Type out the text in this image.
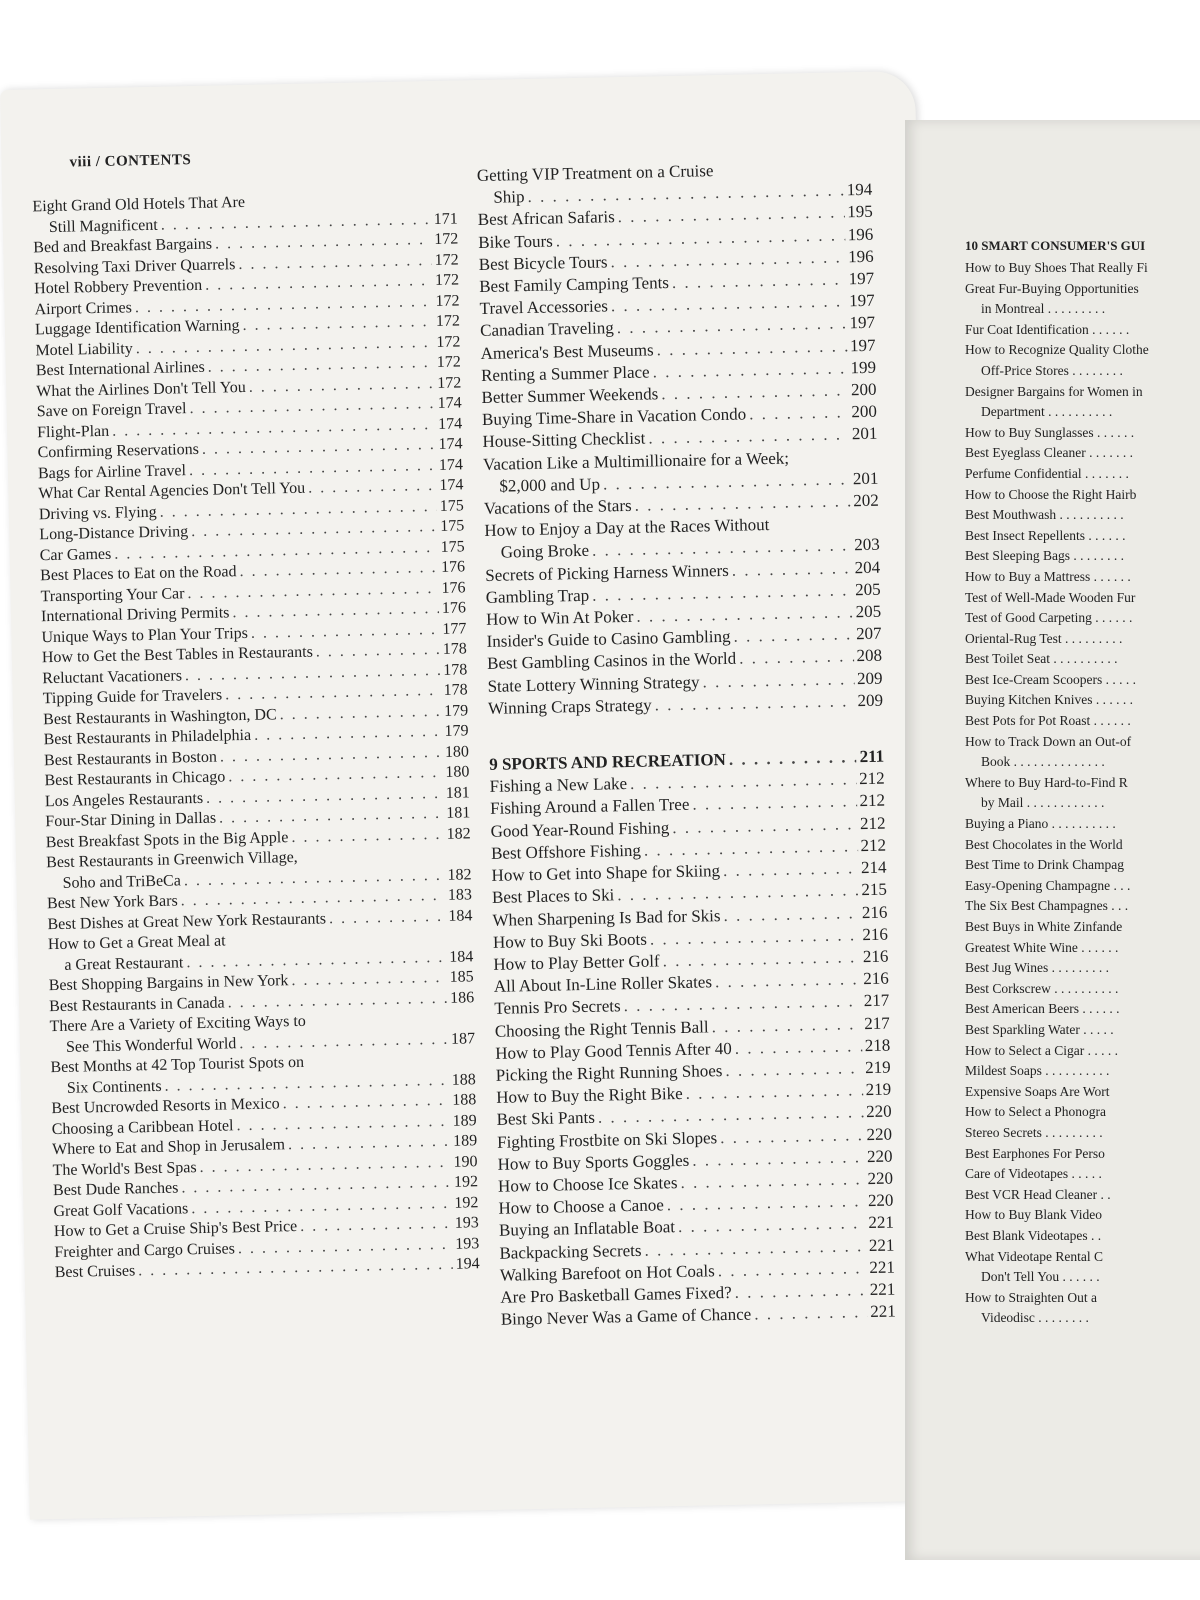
viii / CONTENTS
Eight Grand Old Hotels That Are
Still Magnificent . . .	171
Bed and Breakfast Bargains . . .	172
Resolving Taxi Driver Quarrels . . .	172
Hotel Robbery Prevention . . .	172
Airport Crimes . . .	172
Luggage Identification Warning . . .	172
Motel Liability . . .	172
Best International Airlines . . .	172
What the Airlines Don't Tell You . . .	172
Save on Foreign Travel . . .	174
Flight-Plan . . .	174
Confirming Reservations . . .	174
Bags for Airline Travel . . .	174
What Car Rental Agencies Don't Tell You . . .	174
Driving vs. Flying . . .	175
Long-Distance Driving . . .	175
Car Games . . .	175
Best Places to Eat on the Road . . .	176
Transporting Your Car . . .	176
International Driving Permits . . .	176
Unique Ways to Plan Your Trips . . .	177
How to Get the Best Tables in Restaurants . . .	178
Reluctant Vacationers . . .	178
Tipping Guide for Travelers . . .	178
Best Restaurants in Washington, DC . . .	179
Best Restaurants in Philadelphia . . .	179
Best Restaurants in Boston . . .	180
Best Restaurants in Chicago . . .	180
Los Angeles Restaurants . . .	181
Four-Star Dining in Dallas . . .	181
Best Breakfast Spots in the Big Apple . . .	182
Best Restaurants in Greenwich Village,
Soho and TriBeCa . . .	182
Best New York Bars . . .	183
Best Dishes at Great New York Restaurants . . .	184
How to Get a Great Meal at
a Great Restaurant . . .	184
Best Shopping Bargains in New York . . .	185
Best Restaurants in Canada . . .	186
There Are a Variety of Exciting Ways to
See This Wonderful World . . .	187
Best Months at 42 Top Tourist Spots on
Six Continents . . .	188
Best Uncrowded Resorts in Mexico . . .	188
Choosing a Caribbean Hotel . . .	189
Where to Eat and Shop in Jerusalem . . .	189
The World's Best Spas . . .	190
Best Dude Ranches . . .	192
Great Golf Vacations . . .	192
How to Get a Cruise Ship's Best Price . . .	193
Freighter and Cargo Cruises . . .	193
Best Cruises . . .	194
Getting VIP Treatment on a Cruise
Ship . . .	194
Best African Safaris . . .	195
Bike Tours . . .	196
Best Bicycle Tours . . .	196
Best Family Camping Tents . . .	197
Travel Accessories . . .	197
Canadian Traveling . . .	197
America's Best Museums . . .	197
Renting a Summer Place . . .	199
Better Summer Weekends . . .	200
Buying Time-Share in Vacation Condo . . .	200
House-Sitting Checklist . . .	201
Vacation Like a Multimillionaire for a Week;
$2,000 and Up . . .	201
Vacations of the Stars . . .	202
How to Enjoy a Day at the Races Without
Going Broke . . .	203
Secrets of Picking Harness Winners . . .	204
Gambling Trap . . .	205
How to Win At Poker . . .	205
Insider's Guide to Casino Gambling . . .	207
Best Gambling Casinos in the World . . .	208
State Lottery Winning Strategy . . .	209
Winning Craps Strategy . . .	209
9 SPORTS AND RECREATION . . .	211
Fishing a New Lake . . .	212
Fishing Around a Fallen Tree . . .	212
Good Year-Round Fishing . . .	212
Best Offshore Fishing . . .	212
How to Get into Shape for Skiing . . .	214
Best Places to Ski . . .	215
When Sharpening Is Bad for Skis . . .	216
How to Buy Ski Boots . . .	216
How to Play Better Golf . . .	216
All About In-Line Roller Skates . . .	216
Tennis Pro Secrets . . .	217
Choosing the Right Tennis Ball . . .	217
How to Play Good Tennis After 40 . . .	218
Picking the Right Running Shoes . . .	219
How to Buy the Right Bike . . .	219
Best Ski Pants . . .	220
Fighting Frostbite on Ski Slopes . . .	220
How to Buy Sports Goggles . . .	220
How to Choose Ice Skates . . .	220
How to Choose a Canoe . . .	220
Buying an Inflatable Boat . . .	221
Backpacking Secrets . . .	221
Walking Barefoot on Hot Coals . . .	221
Are Pro Basketball Games Fixed? . . .	221
Bingo Never Was a Game of Chance . . .	221
10 SMART CONSUMER'S GUI
How to Buy Shoes That Really Fi
Great Fur-Buying Opportunities
in Montreal . . . . . . . . .
Fur Coat Identification . . . . . .
How to Recognize Quality Clothe
Off-Price Stores . . . . . . . .
Designer Bargains for Women in
Department . . . . . . . . . .
How to Buy Sunglasses . . . . . .
Best Eyeglass Cleaner . . . . . . .
Perfume Confidential . . . . . . .
How to Choose the Right Hairb
Best Mouthwash . . . . . . . . . .
Best Insect Repellents . . . . . .
Best Sleeping Bags . . . . . . . .
How to Buy a Mattress . . . . . .
Test of Well-Made Wooden Fur
Test of Good Carpeting . . . . . .
Oriental-Rug Test . . . . . . . . .
Best Toilet Seat . . . . . . . . . .
Best Ice-Cream Scoopers . . . . .
Buying Kitchen Knives . . . . . .
Best Pots for Pot Roast . . . . . .
How to Track Down an Out-of
Book . . . . . . . . . . . . . .
Where to Buy Hard-to-Find R
by Mail . . . . . . . . . . . .
Buying a Piano . . . . . . . . . .
Best Chocolates in the World
Best Time to Drink Champag
Easy-Opening Champagne . . .
The Six Best Champagnes . . .
Best Buys in White Zinfande
Greatest White Wine . . . . . .
Best Jug Wines . . . . . . . . .
Best Corkscrew . . . . . . . . . .
Best American Beers . . . . . .
Best Sparkling Water . . . . .
How to Select a Cigar . . . . .
Mildest Soaps . . . . . . . . . .
Expensive Soaps Are Wort
How to Select a Phonogra
Stereo Secrets . . . . . . . . .
Best Earphones For Perso
Care of Videotapes . . . . .
Best VCR Head Cleaner . .
How to Buy Blank Video
Best Blank Videotapes . .
What Videotape Rental C
Don't Tell You . . . . . .
How to Straighten Out a
Videodisc . . . . . . . .
